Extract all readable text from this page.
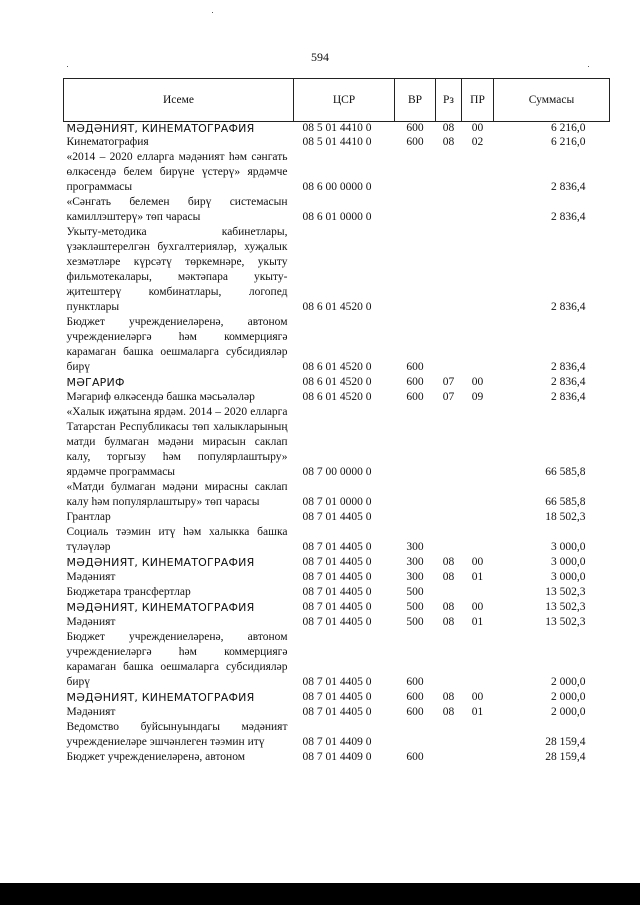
594
Исеме	ЦСР	ВР	Рз	ПР	Суммасы
МӘДӘНИЯТ, КИНЕМАТОГРАФИЯ	08 5 01 4410 0	600	08	00	6 216,0
Кинематография	08 5 01 4410 0	600	08	02	6 216,0
«2014 – 2020 елларга мәдәният һәм сәнгать өлкәсендә белем бирүне үстерү» ярдәмче программасы	08 6 00 0000 0				2 836,4
«Сәнгать белемен бирү системасын камиллэштерү» төп чарасы	08 6 01 0000 0				2 836,4
Укыту-методика кабинетлары, үзәкләштерелгән бухгалтерияләр, хуҗалык хезмәтләре күрсәтү төркемнәре, укыту фильмотекалары, мәктәпара укыту-җитештерү комбинатлары, логопед пунктлары	08 6 01 4520 0				2 836,4
Бюджет учреждениеләренә, автоном учреждениеләргә һәм коммерциягә карамаган башка оешмаларга субсидияләр бирү	08 6 01 4520 0	600			2 836,4
МӘГАРИФ	08 6 01 4520 0	600	07	00	2 836,4
Мәгариф өлкәсендә башка мәсьәләләр	08 6 01 4520 0	600	07	09	2 836,4
«Халык иҗатына ярдәм. 2014 – 2020 елларга Татарстан Республикасы төп халыкларының матди булмаган мәдәни мирасын саклап калу, торгызу һәм популярлаштыру» ярдәмче программасы	08 7 00 0000 0				66 585,8
«Матди булмаган мәдәни мирасны саклап калу һәм популярлаштыру» төп чарасы	08 7 01 0000 0				66 585,8
Грантлар	08 7 01 4405 0				18 502,3
Социаль тәэмин итү һәм халыкка башка түләүләр	08 7 01 4405 0	300			3 000,0
МӘДӘНИЯТ, КИНЕМАТОГРАФИЯ	08 7 01 4405 0	300	08	00	3 000,0
Мәдәният	08 7 01 4405 0	300	08	01	3 000,0
Бюджетара трансфертлар	08 7 01 4405 0	500			13 502,3
МӘДӘНИЯТ, КИНЕМАТОГРАФИЯ	08 7 01 4405 0	500	08	00	13 502,3
Мәдәният	08 7 01 4405 0	500	08	01	13 502,3
Бюджет учреждениеләренә, автоном учреждениеләргә һәм коммерциягә карамаган башка оешмаларга субсидияләр бирү	08 7 01 4405 0	600			2 000,0
МӘДӘНИЯТ, КИНЕМАТОГРАФИЯ	08 7 01 4405 0	600	08	00	2 000,0
Мәдәният	08 7 01 4405 0	600	08	01	2 000,0
Ведомство буйсынуындагы мәдәният учреждениеләре эшчәнлеген тәэмин итү	08 7 01 4409 0				28 159,4
Бюджет учреждениеләренә, автоном	08 7 01 4409 0	600			28 159,4
